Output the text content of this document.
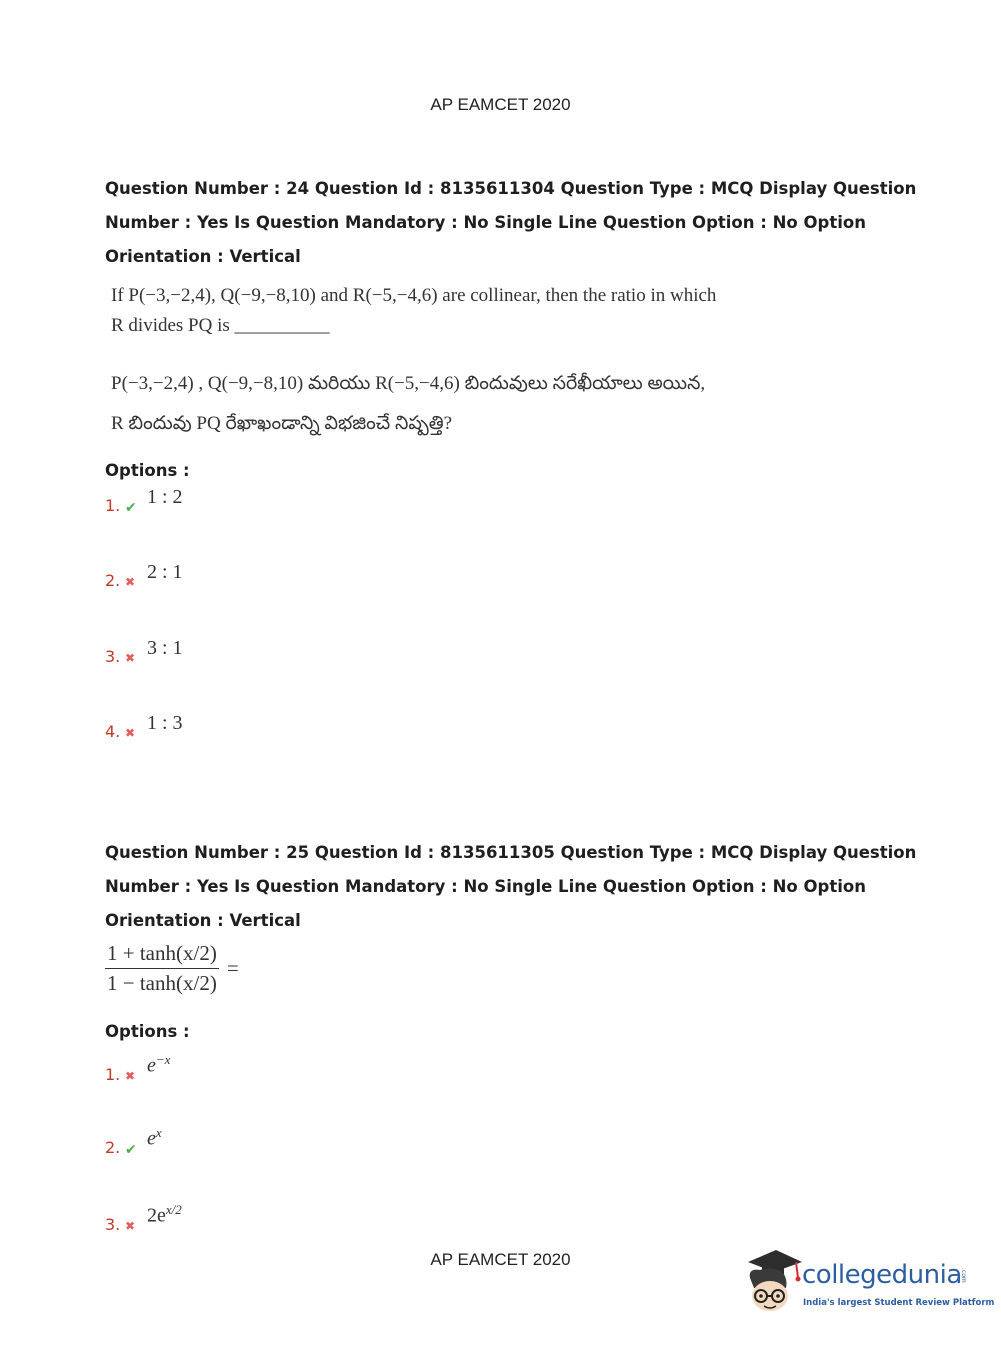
AP EAMCET 2020
Question Number : 24 Question Id : 8135611304 Question Type : MCQ Display Question
Number : Yes Is Question Mandatory : No Single Line Question Option : No Option
Orientation : Vertical
If P(−3,−2,4), Q(−9,−8,10) and R(−5,−4,6) are collinear, then the ratio in which
R divides PQ is __________
P(−3,−2,4) , Q(−9,−8,10) మరియు R(−5,−4,6) బిందువులు సరేఖీయాలు అయిన,
R బిందువు PQ రేఖాఖండాన్ని విభజించే నిష్పత్తి?
Options :
1. ✔ 1 : 2
2. ✖ 2 : 1
3. ✖ 3 : 1
4. ✖ 1 : 3
Question Number : 25 Question Id : 8135611305 Question Type : MCQ Display Question
Number : Yes Is Question Mandatory : No Single Line Question Option : No Option
Orientation : Vertical
$\frac{1 + \tanh(x/2)}{1 - \tanh(x/2)}$ =
Options :
1. ✖ $e^{-x}$
2. ✔ $e^x$
3. ✖ $2e^{x/2}$
AP EAMCET 2020
collegedunia
.com
India's largest Student Review Platform
